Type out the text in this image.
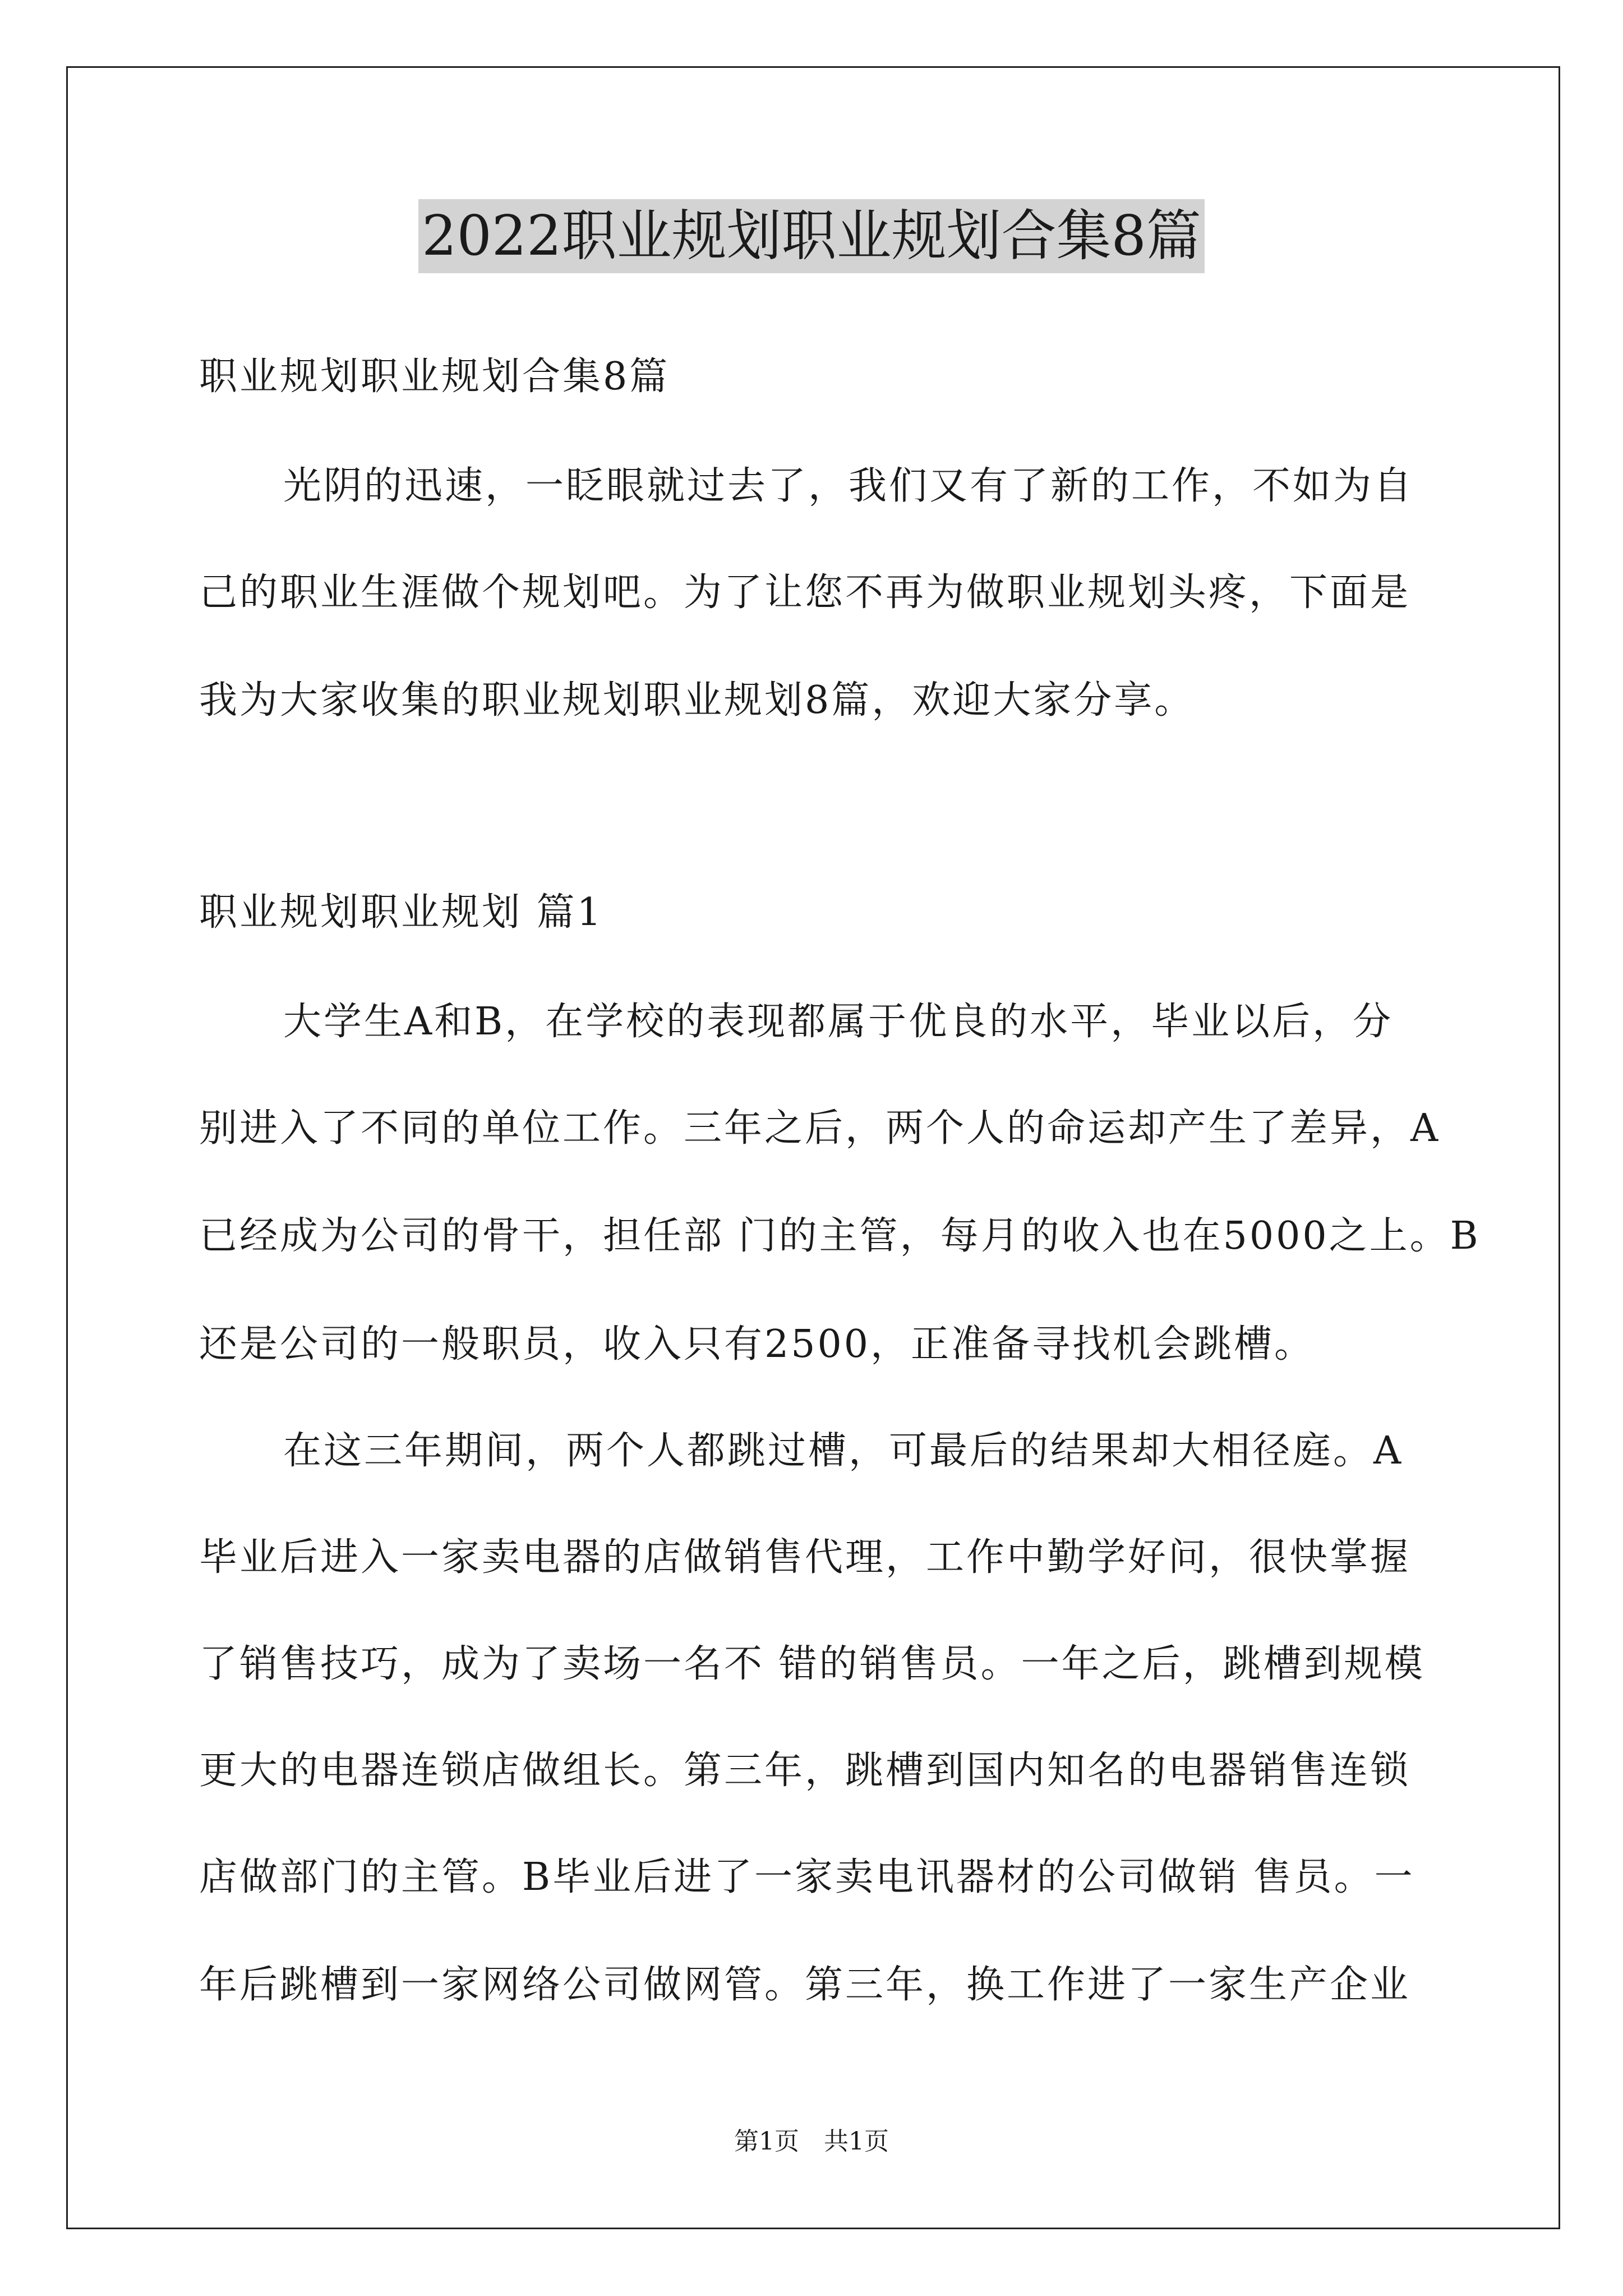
2022职业规划职业规划合集8篇
职业规划职业规划合集8篇
光阴的迅速，一眨眼就过去了，我们又有了新的工作，不如为自
己的职业生涯做个规划吧。为了让您不再为做职业规划头疼，下面是
我为大家收集的职业规划职业规划8篇，欢迎大家分享。
职业规划职业规划 篇1
大学生A和B，在学校的表现都属于优良的水平，毕业以后，分
别进入了不同的单位工作。三年之后，两个人的命运却产生了差异，A
已经成为公司的骨干，担任部 门的主管，每月的收入也在5000之上。B
还是公司的一般职员，收入只有2500，正准备寻找机会跳槽。
在这三年期间，两个人都跳过槽，可最后的结果却大相径庭。A
毕业后进入一家卖电器的店做销售代理，工作中勤学好问，很快掌握
了销售技巧，成为了卖场一名不 错的销售员。一年之后，跳槽到规模
更大的电器连锁店做组长。第三年，跳槽到国内知名的电器销售连锁
店做部门的主管。B毕业后进了一家卖电讯器材的公司做销 售员。一
年后跳槽到一家网络公司做网管。第三年，换工作进了一家生产企业
第1页　共1页
